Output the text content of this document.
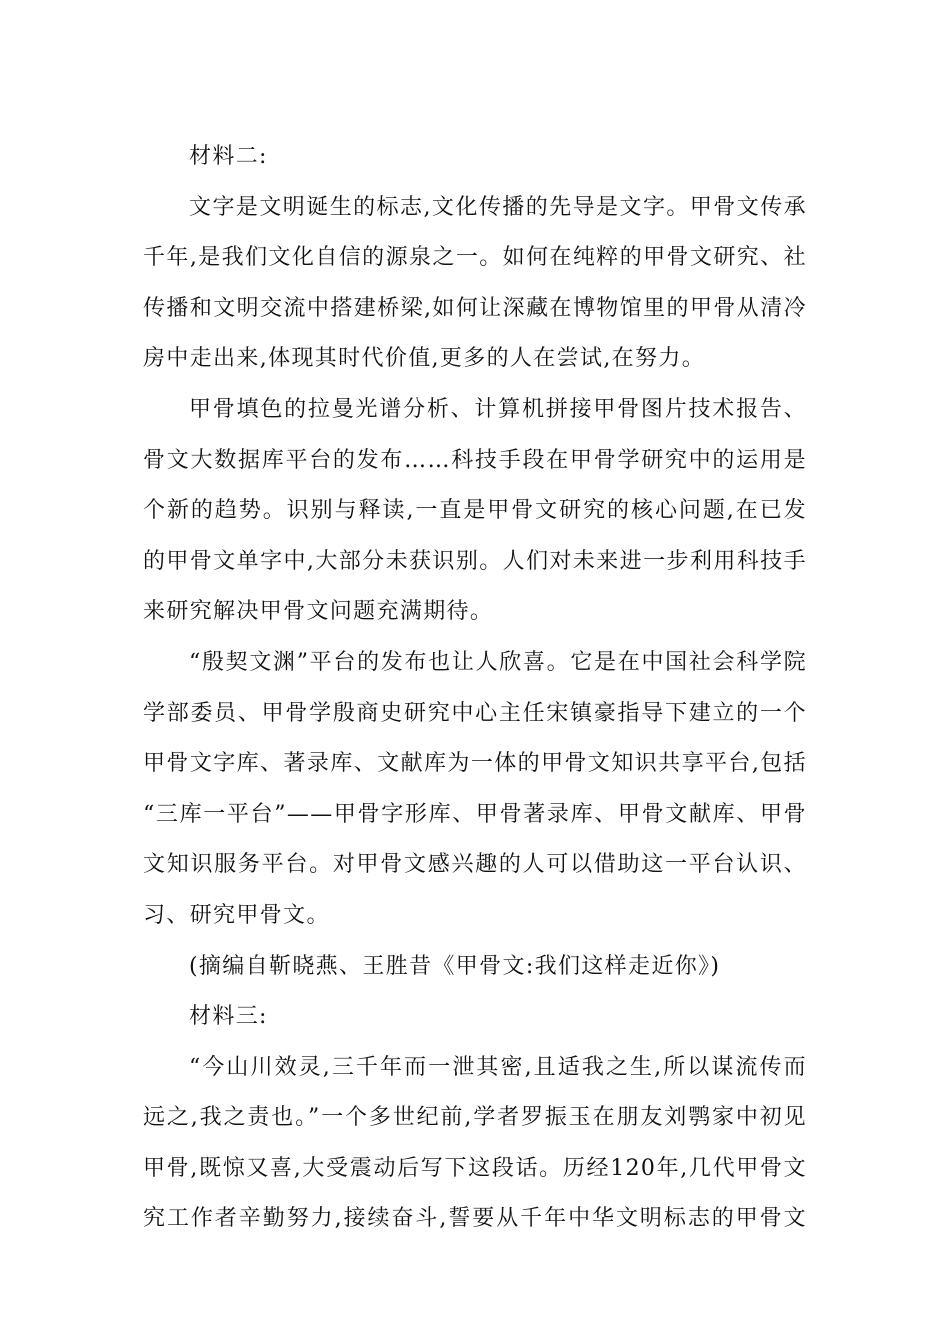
材料二:
文字是文明诞生的标志,文化传播的先导是文字。甲骨文传承
千年,是我们文化自信的源泉之一。如何在纯粹的甲骨文研究、社
传播和文明交流中搭建桥梁,如何让深藏在博物馆里的甲骨从清冷
房中走出来,体现其时代价值,更多的人在尝试,在努力。
甲骨填色的拉曼光谱分析、计算机拼接甲骨图片技术报告、
骨文大数据库平台的发布……科技手段在甲骨学研究中的运用是
个新的趋势。识别与释读,一直是甲骨文研究的核心问题,在已发
的甲骨文单字中,大部分未获识别。人们对未来进一步利用科技手
来研究解决甲骨文问题充满期待。
“殷契文渊”平台的发布也让人欣喜。它是在中国社会科学院
学部委员、甲骨学殷商史研究中心主任宋镇豪指导下建立的一个
甲骨文字库、著录库、文献库为一体的甲骨文知识共享平台,包括
“三库一平台”——甲骨字形库、甲骨著录库、甲骨文献库、甲骨
文知识服务平台。对甲骨文感兴趣的人可以借助这一平台认识、
习、研究甲骨文。
(摘编自靳晓燕、王胜昔《甲骨文:我们这样走近你》)
材料三:
“今山川效灵,三千年而一泄其密,且适我之生,所以谋流传而
远之,我之责也。”一个多世纪前,学者罗振玉在朋友刘鹗家中初见
甲骨,既惊又喜,大受震动后写下这段话。历经120年,几代甲骨文
究工作者辛勤努力,接续奋斗,誓要从千年中华文明标志的甲骨文
